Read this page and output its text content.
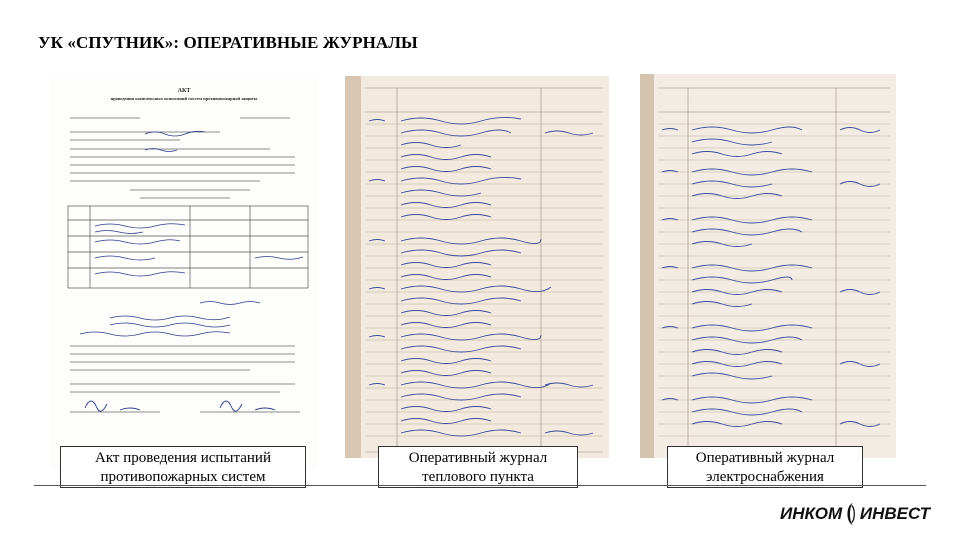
УК «СПУТНИК»: ОПЕРАТИВНЫЕ ЖУРНАЛЫ
АКТ
проведения комплексных испытаний систем противопожарной защиты
Акт проведения испытаний
противопожарных систем
Оперативный журнал
теплового пункта
Оперативный журнал
электроснабжения
ИНКОМ ИНВЕСТ
